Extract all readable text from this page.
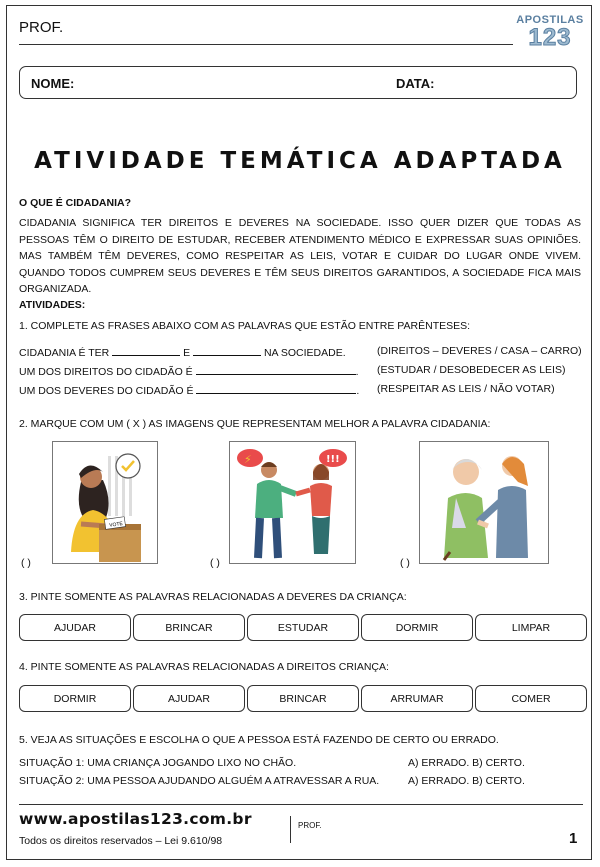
PROF.	APOSTILAS
123
NOME:	DATA:
ATIVIDADE TEMÁTICA ADAPTADA
O QUE É CIDADANIA?
CIDADANIA SIGNIFICA TER DIREITOS E DEVERES NA SOCIEDADE. ISSO QUER DIZER QUE TODAS AS PESSOAS TÊM O DIREITO DE ESTUDAR, RECEBER ATENDIMENTO MÉDICO E EXPRESSAR SUAS OPINIÕES. MAS TAMBÉM TÊM DEVERES, COMO RESPEITAR AS LEIS, VOTAR E CUIDAR DO LUGAR ONDE VIVEM. QUANDO TODOS CUMPREM SEUS DEVERES E TÊM SEUS DIREITOS GARANTIDOS, A SOCIEDADE FICA MAIS ORGANIZADA.
ATIVIDADES:
1. COMPLETE AS FRASES ABAIXO COM AS PALAVRAS QUE ESTÃO ENTRE PARÊNTESES:
CIDADANIA É TER	E	NA SOCIEDADE.	(DIREITOS – DEVERES / CASA – CARRO)
UM DOS DIREITOS DO CIDADÃO É	. (ESTUDAR / DESOBEDECER AS LEIS)
UM DOS DEVERES DO CIDADÃO É	. (RESPEITAR AS LEIS / NÃO VOTAR)
2. MARQUE COM UM ( X ) AS IMAGENS QUE REPRESENTAM MELHOR A PALAVRA CIDADANIA:
VOTE
( )
⚡	!!!
( )	( )
3. PINTE SOMENTE AS PALAVRAS RELACIONADAS A DEVERES DA CRIANÇA:
AJUDAR	BRINCAR	ESTUDAR	DORMIR	LIMPAR
4. PINTE SOMENTE AS PALAVRAS RELACIONADAS A DIREITOS CRIANÇA:
DORMIR	AJUDAR	BRINCAR	ARRUMAR	COMER
5. VEJA AS SITUAÇÕES E ESCOLHA O QUE A PESSOA ESTÁ FAZENDO DE CERTO OU ERRADO.
SITUAÇÃO 1: UMA CRIANÇA JOGANDO LIXO NO CHÃO.	A) ERRADO. B) CERTO.
SITUAÇÃO 2: UMA PESSOA AJUDANDO ALGUÉM A ATRAVESSAR A RUA.	A) ERRADO. B) CERTO.
www.apostilas123.com.br
Todos os direitos reservados – Lei 9.610/98
PROF.
1
